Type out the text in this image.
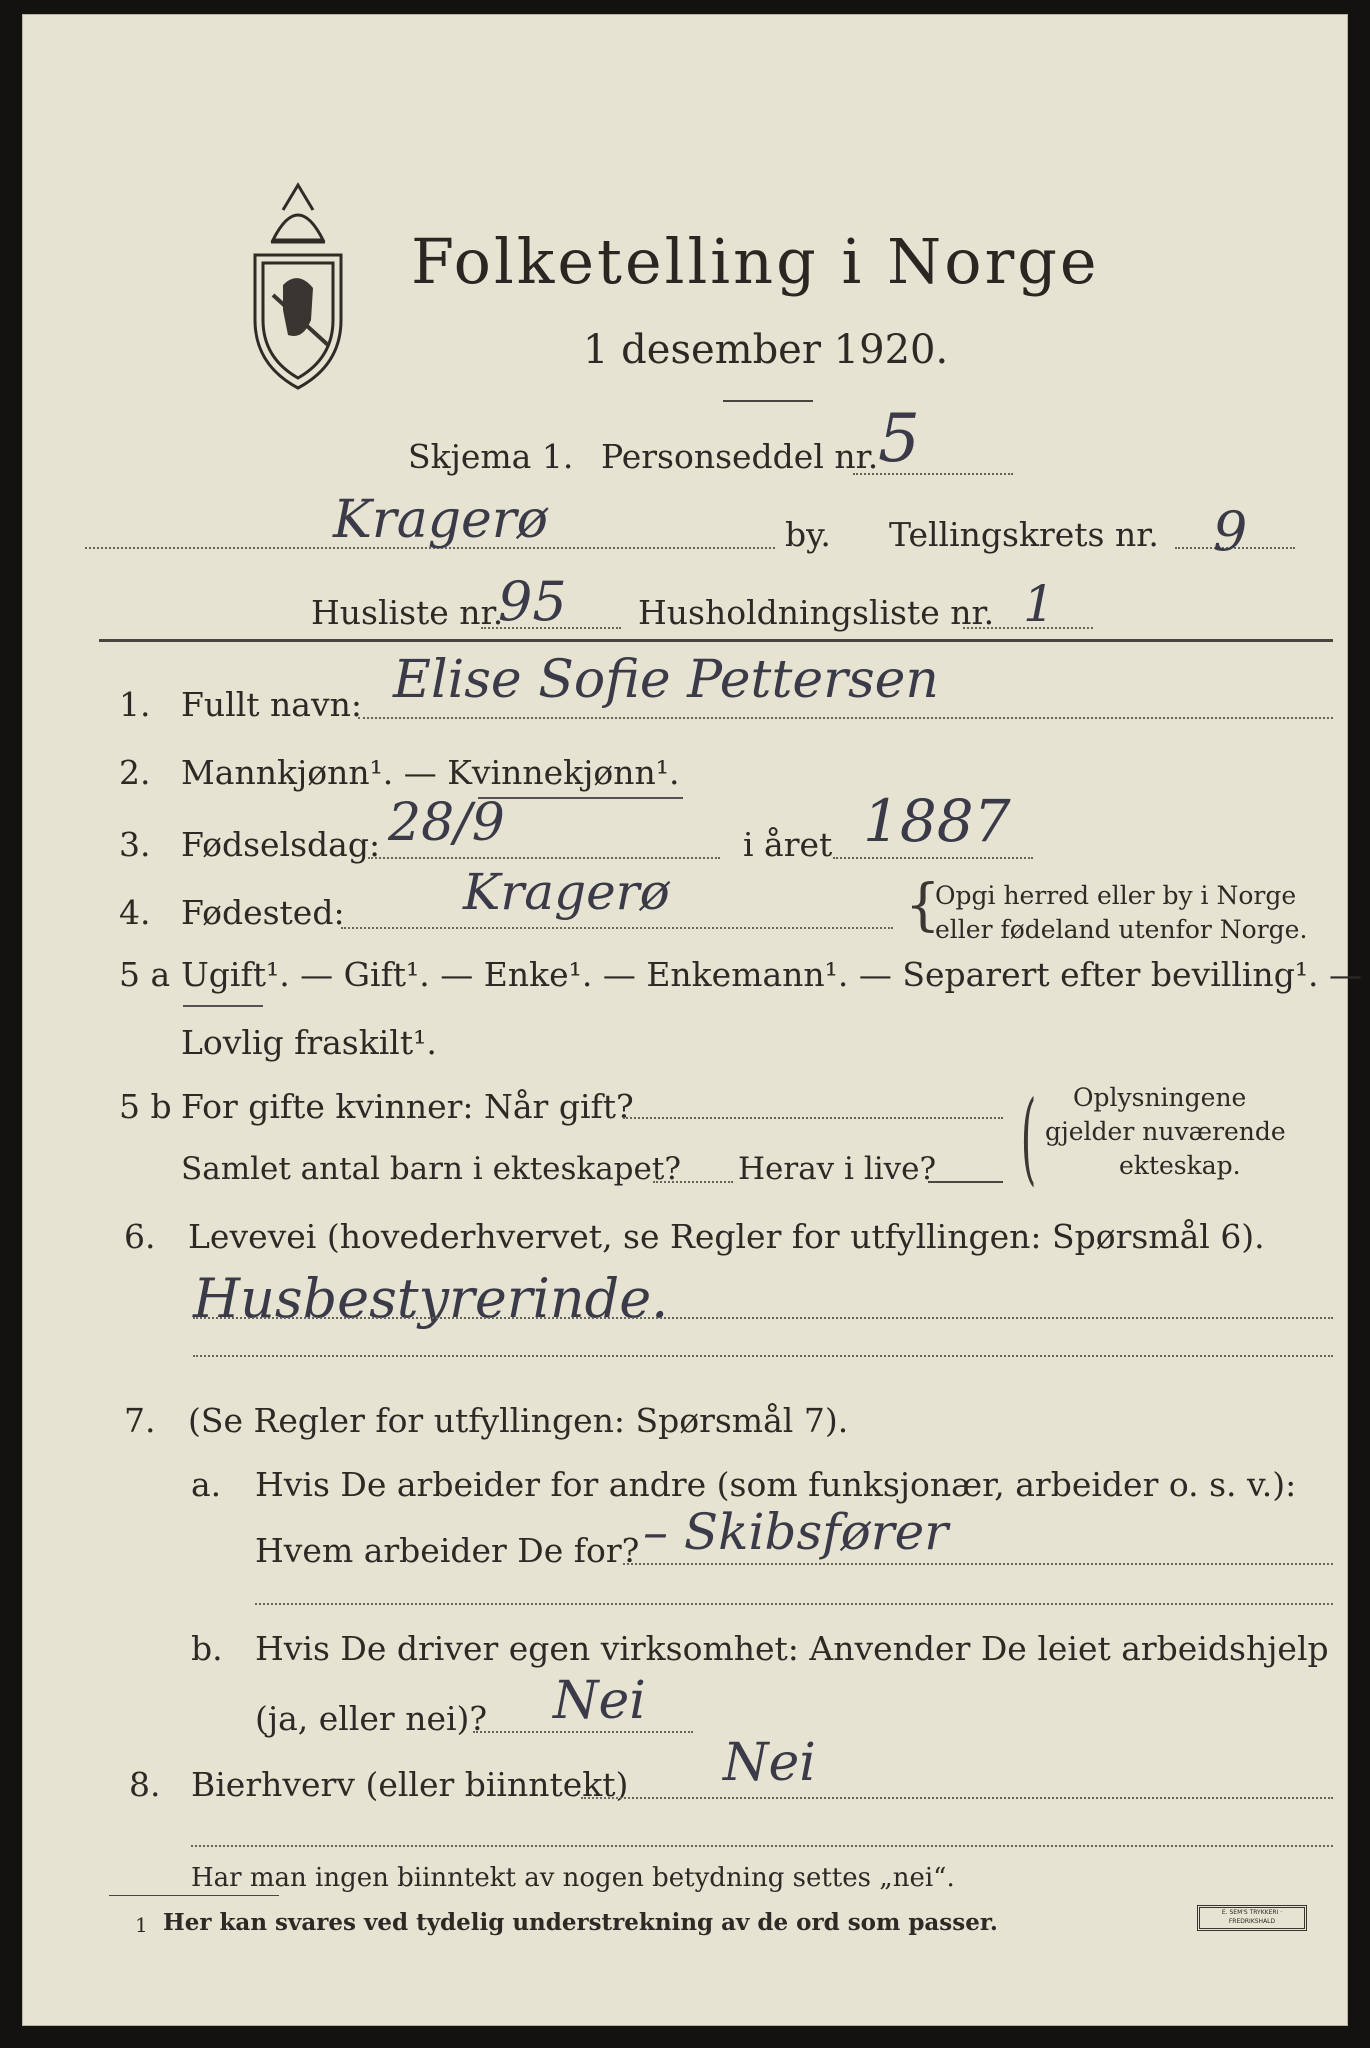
Folketelling i Norge
1 desember 1920.
Skjema 1. Personseddel nr. 5
Kragerø	by. Tellingskrets nr. 9
Husliste nr.
95 Husholdningsliste nr. 1
1. Fullt navn: Elise Sofie Pettersen
2. Mannkjønn¹. — Kvinnekjønn¹.
3. Fødselsdag: 28/9	i året 1887
4. Fødested: Kragerø	{
Opgi herred eller by i Norge
eller fødeland utenfor Norge.
5 a Ugift¹. — Gift¹. — Enke¹. — Enkemann¹. — Separert efter bevilling¹. —
Lovlig fraskilt¹.
5 b For gifte kvinner: Når gift?
Samlet antal barn i ekteskapet? Herav i live? ( Oplysningene
gjelder nuværende
ekteskap.
6. Levevei (hovederhvervet, se Regler for utfyllingen: Spørsmål 6).
Husbestyrerinde.
7. (Se Regler for utfyllingen: Spørsmål 7).
a. Hvis De arbeider for andre (som funksjonær, arbeider o. s. v.):
Hvem arbeider De for? – Skibsfører
b. Hvis De driver egen virksomhet: Anvender De leiet arbeidshjelp
(ja, eller nei)? Nei
8. Bierhverv (eller biinntekt) Nei
Har man ingen biinntekt av nogen betydning settes „nei“.
1 Her kan svares ved tydelig understrekning av de ord som passer.	E. SEM'S TRYKKERI · FREDRIKSHALD
